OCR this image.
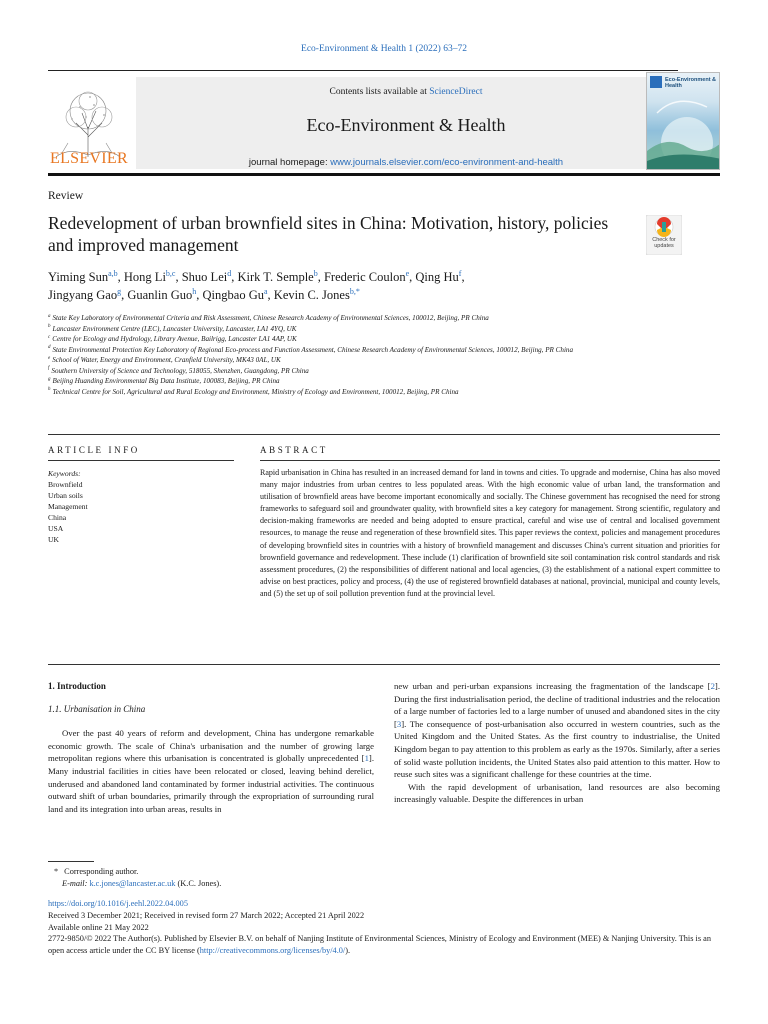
Eco-Environment & Health 1 (2022) 63–72
ELSEVIER
Contents lists available at ScienceDirect
Eco-Environment & Health
journal homepage: www.journals.elsevier.com/eco-environment-and-health
Eco-Environment & Health
Review
Redevelopment of urban brownfield sites in China: Motivation, history, policies and improved management	Check for updates
Yiming Sun$^{a,b}$, Hong Li$^{b,c}$, Shuo Lei$^d$, Kirk T. Semple$^b$, Frederic Coulon$^e$, Qing Hu$^f$,
Jingyang Gao$^g$, Guanlin Guo$^h$, Qingbao Gu$^a$, Kevin C. Jones$^{b,*}$
$^a$ State Key Laboratory of Environmental Criteria and Risk Assessment, Chinese Research Academy of Environmental Sciences, 100012, Beijing, PR China
$^b$ Lancaster Environment Centre (LEC), Lancaster University, Lancaster, LA1 4YQ, UK
$^c$ Centre for Ecology and Hydrology, Library Avenue, Bailrigg, Lancaster LA1 4AP, UK
$^d$ State Environmental Protection Key Laboratory of Regional Eco-process and Function Assessment, Chinese Research Academy of Environmental Sciences, 100012, Beijing, PR China
$^e$ School of Water, Energy and Environment, Cranfield University, MK43 0AL, UK
$^f$ Southern University of Science and Technology, 518055, Shenzhen, Guangdong, PR China
$^g$ Beijing Huanding Environmental Big Data Institute, 100083, Beijing, PR China
$^h$ Technical Centre for Soil, Agricultural and Rural Ecology and Environment, Ministry of Ecology and Environment, 100012, Beijing, PR China
ARTICLE INFO	ABSTRACT
Keywords:
Brownfield
Urban soils
Management
China
USA
UK
Rapid urbanisation in China has resulted in an increased demand for land in towns and cities. To upgrade and modernise, China has also moved many major industries from urban centres to less populated areas. With the high economic value of urban land, the transformation and utilisation of brownfield areas have become important economically and socially. The Chinese government has recognised the need for strong frameworks to safeguard soil and groundwater quality, with brownfield sites a key category for management. Strong scientific, regulatory and decision-making frameworks are needed and being adopted to ensure practical, careful and wise use of central and localised government resources, to manage the reuse and regeneration of these brownfield sites. This paper reviews the context, policies and management procedures of developing brownfield sites in countries with a history of brownfield management and discusses China's current situation and priorities for brownfield governance and redevelopment. These include (1) clarification of brownfield site soil contamination risk control standards and risk assessment procedures, (2) the responsibilities of different national and local agencies, (3) the establishment of a national expert committee to advise on best practices, policy and process, (4) the use of registered brownfield databases at national, provincial, municipal and county levels, and (5) the set up of soil pollution prevention fund at the provincial level.
1. Introduction
1.1. Urbanisation in China

Over the past 40 years of reform and development, China has undergone remarkable economic growth. The scale of China's urbanisation and the number of growing large metropolitan regions where this urbanisation is concentrated is globally unprecedented [1]. Many industrial facilities in cities have been relocated or closed, leaving behind derelict, underused and abandoned land contaminated by former industrial activities. The continuous outward shift of urban boundaries, primarily through the expropriation of surrounding rural land and its integration into urban areas, results in

new urban and peri-urban expansions increasing the fragmentation of the landscape [2]. During the first industrialisation period, the decline of traditional industries and the relocation of a large number of factories led to a large number of unused and abandoned sites in the city [3]. The consequence of post-urbanisation also occurred in western countries, such as the United Kingdom and the United States. As the first country to industrialise, the United Kingdom began to pay attention to this problem as early as the 1970s. Similarly, after a series of solid waste pollution incidents, the United States also paid attention to this matter. How to reuse such sites was a significant challenge for these countries at the time.

With the rapid development of urbanisation, land resources are also becoming increasingly valuable. Despite the differences in urban

* Corresponding author.
E-mail: k.c.jones@lancaster.ac.uk (K.C. Jones).
https://doi.org/10.1016/j.eehl.2022.04.005
Received 3 December 2021; Received in revised form 27 March 2022; Accepted 21 April 2022
Available online 21 May 2022
2772-9850/© 2022 The Author(s). Published by Elsevier B.V. on behalf of Nanjing Institute of Environmental Sciences, Ministry of Ecology and Environment (MEE) & Nanjing University. This is an open access article under the CC BY license (http://creativecommons.org/licenses/by/4.0/).
